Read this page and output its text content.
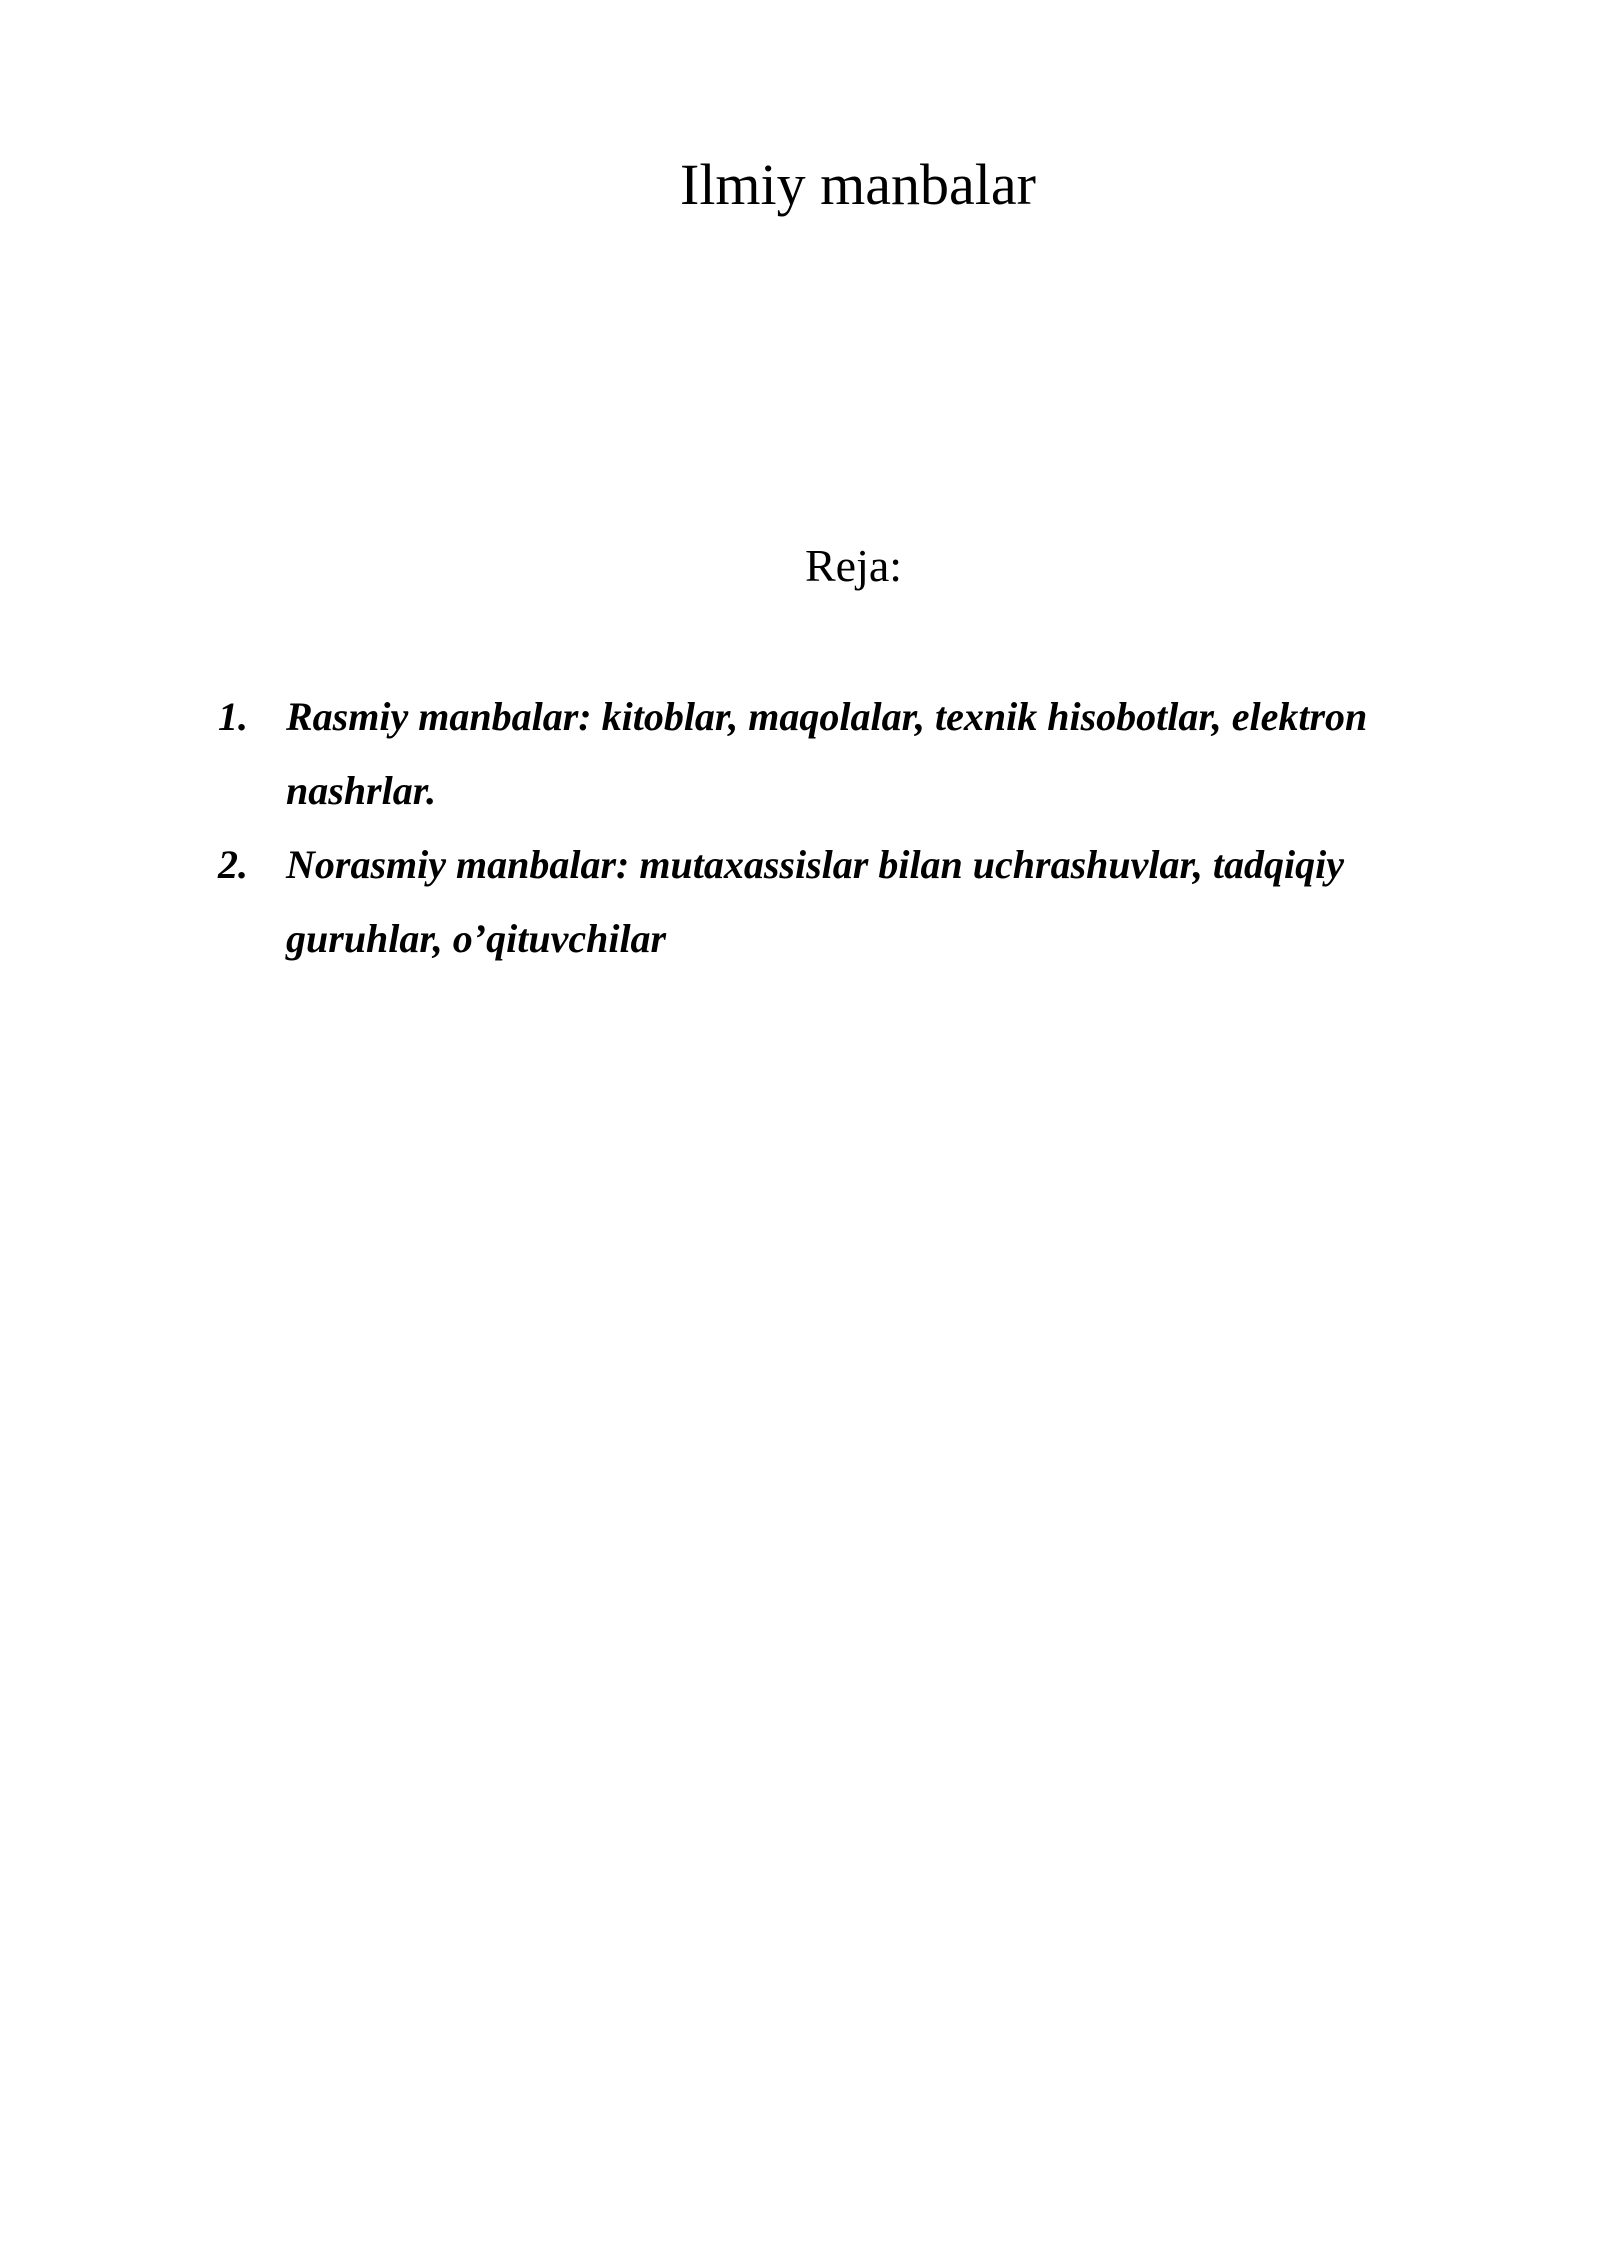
Ilmiy manbalar

Reja:

1. Rasmiy manbalar: kitoblar, maqolalar, texnik hisobotlar, elektron nashrlar.
2. Norasmiy manbalar: mutaxassislar bilan uchrashuvlar, tadqiqiy guruhlar, o’qituvchilar
